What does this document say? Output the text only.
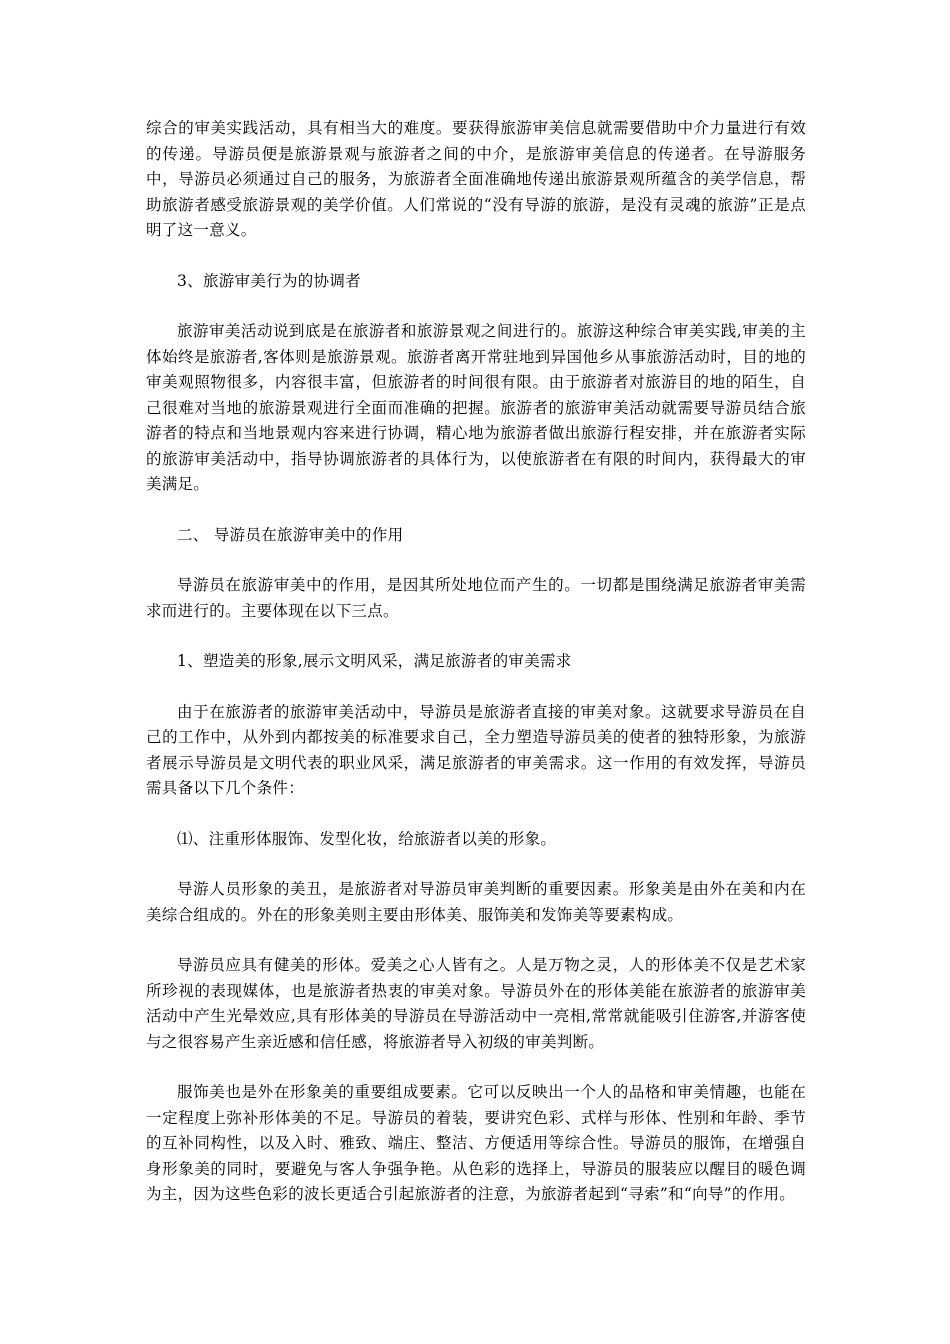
综合的审美实践活动，具有相当大的难度。要获得旅游审美信息就需要借助中介力量进行有效的传递。导游员便是旅游景观与旅游者之间的中介，是旅游审美信息的传递者。在导游服务中，导游员必须通过自己的服务，为旅游者全面准确地传递出旅游景观所蕴含的美学信息，帮助旅游者感受旅游景观的美学价值。人们常说的“没有导游的旅游，是没有灵魂的旅游”正是点明了这一意义。

3、旅游审美行为的协调者

旅游审美活动说到底是在旅游者和旅游景观之间进行的。旅游这种综合审美实践,审美的主体始终是旅游者,客体则是旅游景观。旅游者离开常驻地到异国他乡从事旅游活动时，目的地的审美观照物很多，内容很丰富，但旅游者的时间很有限。由于旅游者对旅游目的地的陌生，自己很难对当地的旅游景观进行全面而准确的把握。旅游者的旅游审美活动就需要导游员结合旅游者的特点和当地景观内容来进行协调，精心地为旅游者做出旅游行程安排，并在旅游者实际的旅游审美活动中，指导协调旅游者的具体行为，以使旅游者在有限的时间内，获得最大的审美满足。

二、 导游员在旅游审美中的作用

导游员在旅游审美中的作用，是因其所处地位而产生的。一切都是围绕满足旅游者审美需求而进行的。主要体现在以下三点。

1、塑造美的形象,展示文明风采，满足旅游者的审美需求

由于在旅游者的旅游审美活动中，导游员是旅游者直接的审美对象。这就要求导游员在自己的工作中，从外到内都按美的标准要求自己，全力塑造导游员美的使者的独特形象，为旅游者展示导游员是文明代表的职业风采，满足旅游者的审美需求。这一作用的有效发挥，导游员需具备以下几个条件：

⑴、注重形体服饰、发型化妆，给旅游者以美的形象。

导游人员形象的美丑，是旅游者对导游员审美判断的重要因素。形象美是由外在美和内在美综合组成的。外在的形象美则主要由形体美、服饰美和发饰美等要素构成。

导游员应具有健美的形体。爱美之心人皆有之。人是万物之灵，人的形体美不仅是艺术家所珍视的表现媒体，也是旅游者热衷的审美对象。导游员外在的形体美能在旅游者的旅游审美活动中产生光晕效应,具有形体美的导游员在导游活动中一亮相,常常就能吸引住游客,并游客使与之很容易产生亲近感和信任感，将旅游者导入初级的审美判断。

服饰美也是外在形象美的重要组成要素。它可以反映出一个人的品格和审美情趣，也能在一定程度上弥补形体美的不足。导游员的着装，要讲究色彩、式样与形体、性别和年龄、季节的互补同构性，以及入时、雅致、端庄、整洁、方便适用等综合性。导游员的服饰，在增强自身形象美的同时，要避免与客人争强争艳。从色彩的选择上，导游员的服装应以醒目的暖色调为主，因为这些色彩的波长更适合引起旅游者的注意，为旅游者起到“寻索”和“向导”的作用。
